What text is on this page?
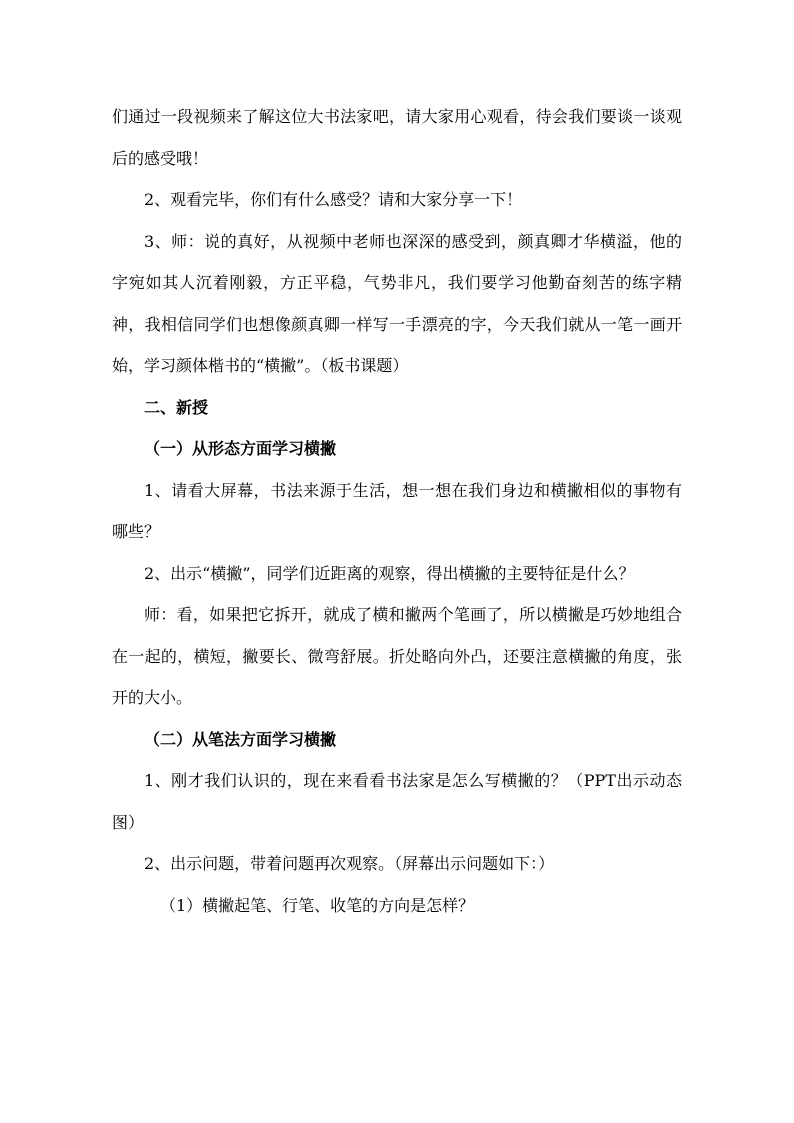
们通过一段视频来了解这位大书法家吧，请大家用心观看，待会我们要谈一谈观后的感受哦！

2、观看完毕，你们有什么感受？请和大家分享一下！

3、师：说的真好，从视频中老师也深深的感受到，颜真卿才华横溢，他的字宛如其人沉着刚毅，方正平稳，气势非凡，我们要学习他勤奋刻苦的练字精神，我相信同学们也想像颜真卿一样写一手漂亮的字，今天我们就从一笔一画开始，学习颜体楷书的“横撇”。（板书课题）

二、新授

（一）从形态方面学习横撇

1、请看大屏幕，书法来源于生活，想一想在我们身边和横撇相似的事物有哪些？

2、出示“横撇”，同学们近距离的观察，得出横撇的主要特征是什么？

师：看，如果把它拆开，就成了横和撇两个笔画了，所以横撇是巧妙地组合在一起的，横短，撇要长、微弯舒展。折处略向外凸，还要注意横撇的角度，张开的大小。

（二）从笔法方面学习横撇

1、刚才我们认识的，现在来看看书法家是怎么写横撇的？（PPT出示动态图）

2、出示问题，带着问题再次观察。（屏幕出示问题如下：）

（1）横撇起笔、行笔、收笔的方向是怎样？
